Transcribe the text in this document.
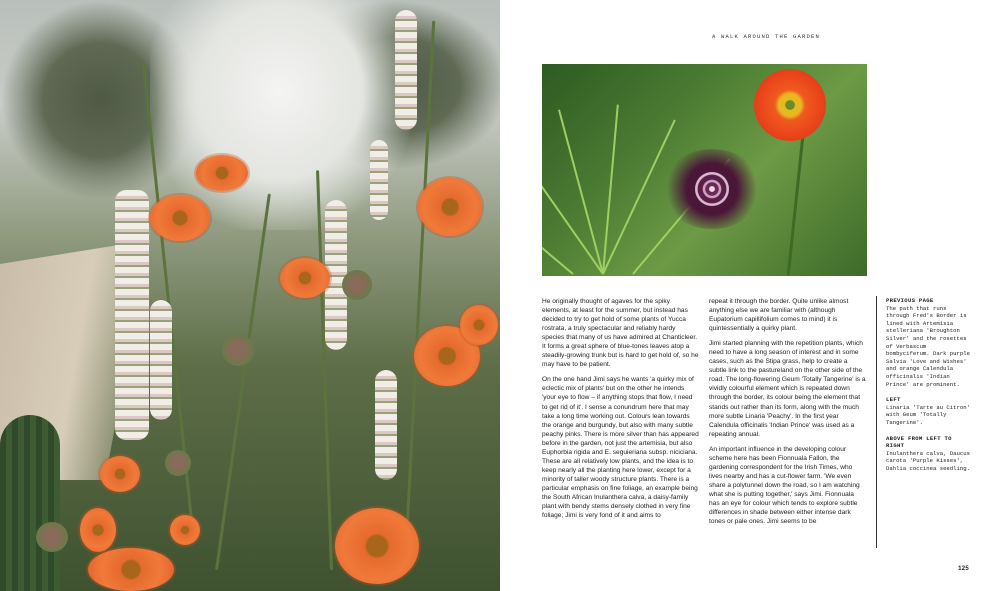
A WALK AROUND THE GARDEN

He originally thought of agaves for the spiky elements, at least for the summer, but instead has decided to try to get hold of some plants of Yucca rostrata, a truly spectacular and reliably hardy species that many of us have admired at Chanticleer. It forms a great sphere of blue-tones leaves atop a steadily-growing trunk but is hard to get hold of, so he may have to be patient.

On the one hand Jimi says he wants 'a quirky mix of eclectic mix of plants' but on the other he intends 'your eye to flow – if anything stops that flow, I need to get rid of it'. I sense a conundrum here that may take a long time working out. Colours lean towards the orange and burgundy, but also with many subtle peachy pinks. There is more silver than has appeared before in the garden, not just the artemisia, but also Euphorbia rigida and E. seguieriana subsp. niciciana. These are all relatively low plants, and the idea is to keep nearly all the planting here lower, except for a minority of taller woody structure plants. There is a particular emphasis on fine foliage, an example being the South African Inulanthera calva, a daisy-family plant with bendy stems densely clothed in very fine foliage; Jimi is very fond of it and aims to

repeat it through the border. Quite unlike almost anything else we are familiar with (although Eupatorium capillifolium comes to mind) it is quintessentially a quirky plant.

Jimi started planning with the repetition plants, which need to have a long season of interest and in some cases, such as the Stipa grass, help to create a subtle link to the pastureland on the other side of the road. The long-flowering Geum 'Totally Tangerine' is a vividly colourful element which is repeated down through the border, its colour being the element that stands out rather than its form, along with the much more subtle Linaria 'Peachy'. In the first year Calendula officinalis 'Indian Prince' was used as a repeating annual.

An important influence in the developing colour scheme here has been Fionnuala Fallon, the gardening correspondent for the Irish Times, who lives nearby and has a cut-flower farm. 'We even share a polytunnel down the road, so I am watching what she is putting together,' says Jimi. Fionnuala has an eye for colour which tends to explore subtle differences in shade between either intense dark tones or pale ones. Jimi seems to be

PREVIOUS PAGE
The path that runs through Fred's Border is lined with Artemisia stelleriana 'Broughton Silver' and the rosettes of Verbascum bombyciferum. Dark purple Salvia 'Love and Wishes' and orange Calendula officinalis 'Indian Prince' are prominent.
LEFT
Linaria 'Tarte au Citron' with Geum 'Totally Tangerine'.
ABOVE FROM LEFT TO RIGHT
Inulanthera calva, Daucus carota 'Purple Kisses', Dahlia coccinea seedling.
125
